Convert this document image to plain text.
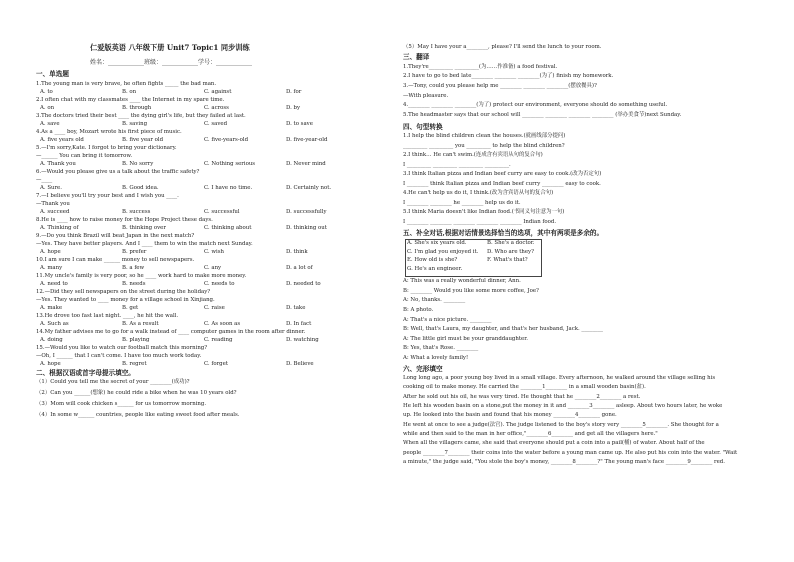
仁爱版英语 八年级下册 Unit7 Topic1 同步训练
姓名：____________班级：____________学号：____________
一、单选题
1.The young man is very brave, he often fights _____ the bad man.
A. to	B. on	C. against	D. for
2.I often chat with my classmates ____ the Internet in my spare time.
A. on	B. through	C. across	D. by
3.The doctors tried their best ____ the dying girl's life, but they failed at last.
A. save	B. saving	C. saved	D. to save
4.As a ____ boy, Mozart wrote his first piece of music.
A. five years old	B. five year old	C. five-years-old	D. five-year-old
5.—I'm sorry,Kate. I forgot to bring your dictionary.
—______ You can bring it tomorrow.
A. Thank you	B. No sorry	C. Nothing serious	D. Never mind
6.—Would you please give us a talk about the traffic safety?
—____
A. Sure.	B. Good idea.	C. I have no time.	D. Certainly not.
7.—I believe you'll try your best and I wish you ____.
—Thank you
A. succeed	B. success	C. successful	D. successfully
8.He is ____ how to raise money for the Hope Project these days.
A. Thinking of	B. thinking over	C. thinking about	D. thinking out
9.—Do you think Brazil will beat Japan in the next match?
—Yes. They have better players. And I ____ them to win the match next Sunday.
A. hope	B. prefer	C. wish	D. think
10.I am sure I can make ______ money to sell newspapers.
A. many	B. a few	C. any	D. a lot of
11.My uncle's family is very poor, so he ____ work hard to make more money.
A. need to	B. needs	C. needs to	D. needed to
12.—Did they sell newspapers on the street during the holiday?
—Yes. They wanted to ____ money for a village school in Xinjiang.
A. make	B. get	C. raise	D. take
13.He drove too fast last night. ____, he hit the wall.
A. Such as	B. As a result	C. As soon as	D. In fact
14.My father advises me to go for a walk instead of ____ computer games in the room after dinner.
A. doing	B. playing	C. reading	D. watching
15.—Would you like to watch our football match this morning?
—Oh, I ______ that I can't come. I have too much work today.
A. hope	B. regret	C. forget	D. Believe
二、根据汉语或首字母提示填空。
（1）Could you tell me the secret of your ________(成功)?
（2）Can you ______(想象) he could ride a bike when he was 10 years old?
（3）Mom will cook chicken s______ for us tomorrow morning.
（4）In some w______ countries, people like eating sweet food after meals.
（5）May I have your a________, please? I'll send the lunch to your room.
三、翻译
1.They're_________ _________(为……作准备) a food festival.
2.I have to go to bed late________ ________ ________(为了) finish my homework.
3.—Tony, could you please help me ________ ________ ________(摆放餐具)?
—With pleasure.
4.________ ________ ________(为了) protect our environment, everyone should do something useful.
5.The headmaster says that our school will ________ ________ ________ ________ (举办美食节)next Sunday.
四、句型转换
1.I help the blind children clean the houses.(就画线部分提问)
_________ _________ you _________ to help the blind children?
2.I think… He can't swim.(连成含有宾语从句的复合句)
I _________ _________ _________ _________.
3.I think Italian pizza and Indian beef curry are easy to cook.(改为否定句)
I ________ think Italian pizza and Indian beef curry ________ easy to cook.
4.He can't help us do it, I think.(改为含宾语从句的复合句)
I ________ ________ he ________ help us do it.
5.I think Maria doesn't like Indian food.(书同义句注意为一句)
I ________ ________ ________ ________ ________ Indian food.
五、补全对话,根据对话情景选择恰当的选项，其中有两项是多余的。
A. She's six years old.	B. She's a doctor.
C. I'm glad you enjoyed it. D. Who are they?
E. How old is she?	F. What's that?
G. He's an engineer.
A: This was a really wonderful dinner, Ann.
B: ________ Would you like some more coffee, Joe?
A: No, thanks. ________
B: A photo.
A: That's a nice picture. ________
B: Well, that's Laura, my daughter, and that's her husband, Jack. ________
A: The little girl must be your granddaughter.
B: Yes, that's Rose. ________
A: What a lovely family!
六、完形填空
Long long ago, a poor young boy lived in a small village. Every afternoon, he walked around the village selling his
cooking oil to make money. He carried the ________1________ in a small wooden basin(盆).
After he sold out his oil, he was very tired. He thought that he ________2________ a rest.
He left his wooden basin on a stone,put the money in it and ________3________ asleep. About two hours later, he woke
up. He looked into the basin and found that his money ________4________ gone.
He went at once to see a judge(法官). The judge listened to the boy's story very ________5________. She thought for a
while and then said to the man in her office,"________6________ and get all the villagers here."
When all the villagers came, she said that everyone should put a coin into a pail(桶) of water. About half of the
people ________7________ their coins into the water before a young man came up. He also put his coin into the water. "Wait
a minute," the judge said, "You stole the boy's money, ________8________?" The young man's face ________9________ red.
